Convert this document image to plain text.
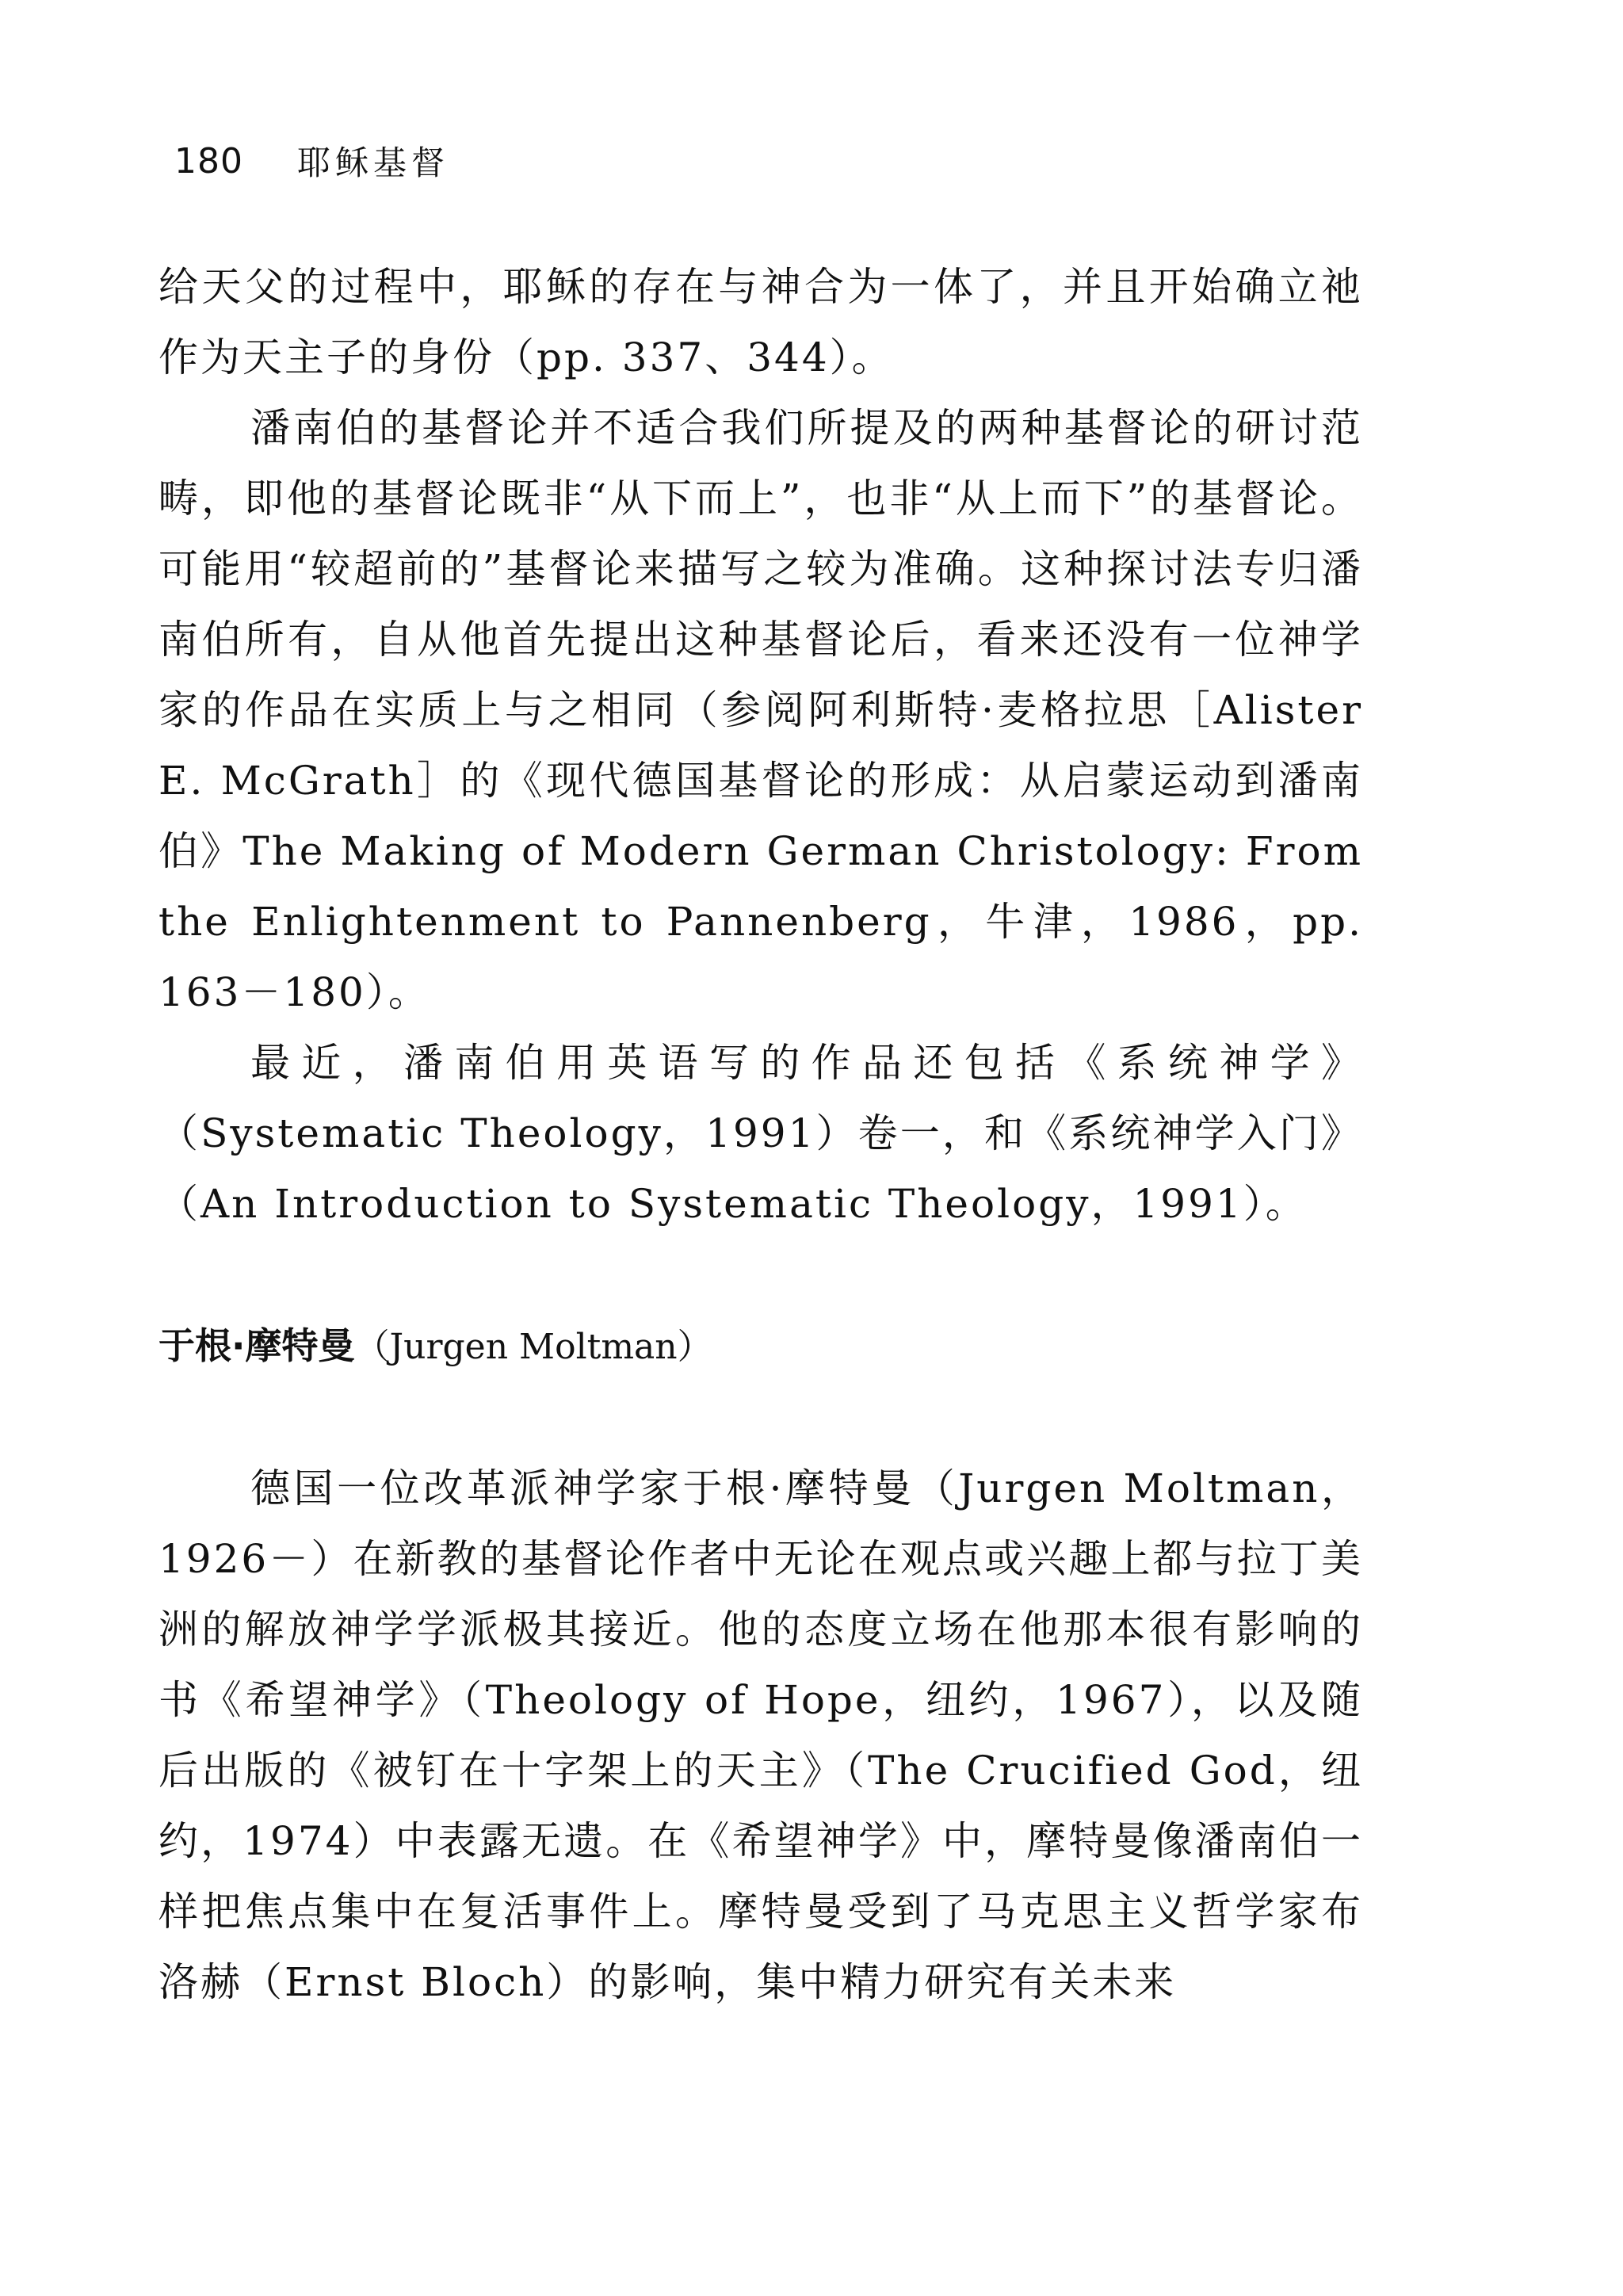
180 耶稣基督

给天父的过程中，耶稣的存在与神合为一体了，并且开始确立祂作为天主子的身份（pp. 337、344）。

潘南伯的基督论并不适合我们所提及的两种基督论的研讨范畴，即他的基督论既非“从下而上”，也非“从上而下”的基督论。可能用“较超前的”基督论来描写之较为准确。这种探讨法专归潘南伯所有，自从他首先提出这种基督论后，看来还没有一位神学家的作品在实质上与之相同（参阅阿利斯特·麦格拉思［Alister E. McGrath］的《现代德国基督论的形成：从启蒙运动到潘南伯》The Making of Modern German Christology: From the Enlightenment to Pannenberg，牛津，1986，pp. 163－180）。

最近，潘南伯用英语写的作品还包括《系统神学》（Systematic Theology，1991）卷一，和《系统神学入门》（An Introduction to Systematic Theology，1991）。

于根·摩特曼（Jurgen Moltman）

德国一位改革派神学家于根·摩特曼（Jurgen Moltman，1926－）在新教的基督论作者中无论在观点或兴趣上都与拉丁美洲的解放神学学派极其接近。他的态度立场在他那本很有影响的书《希望神学》（Theology of Hope，纽约，1967），以及随后出版的《被钉在十字架上的天主》（The Crucified God，纽约，1974）中表露无遗。在《希望神学》中，摩特曼像潘南伯一样把焦点集中在复活事件上。摩特曼受到了马克思主义哲学家布洛赫（Ernst Bloch）的影响，集中精力研究有关未来
